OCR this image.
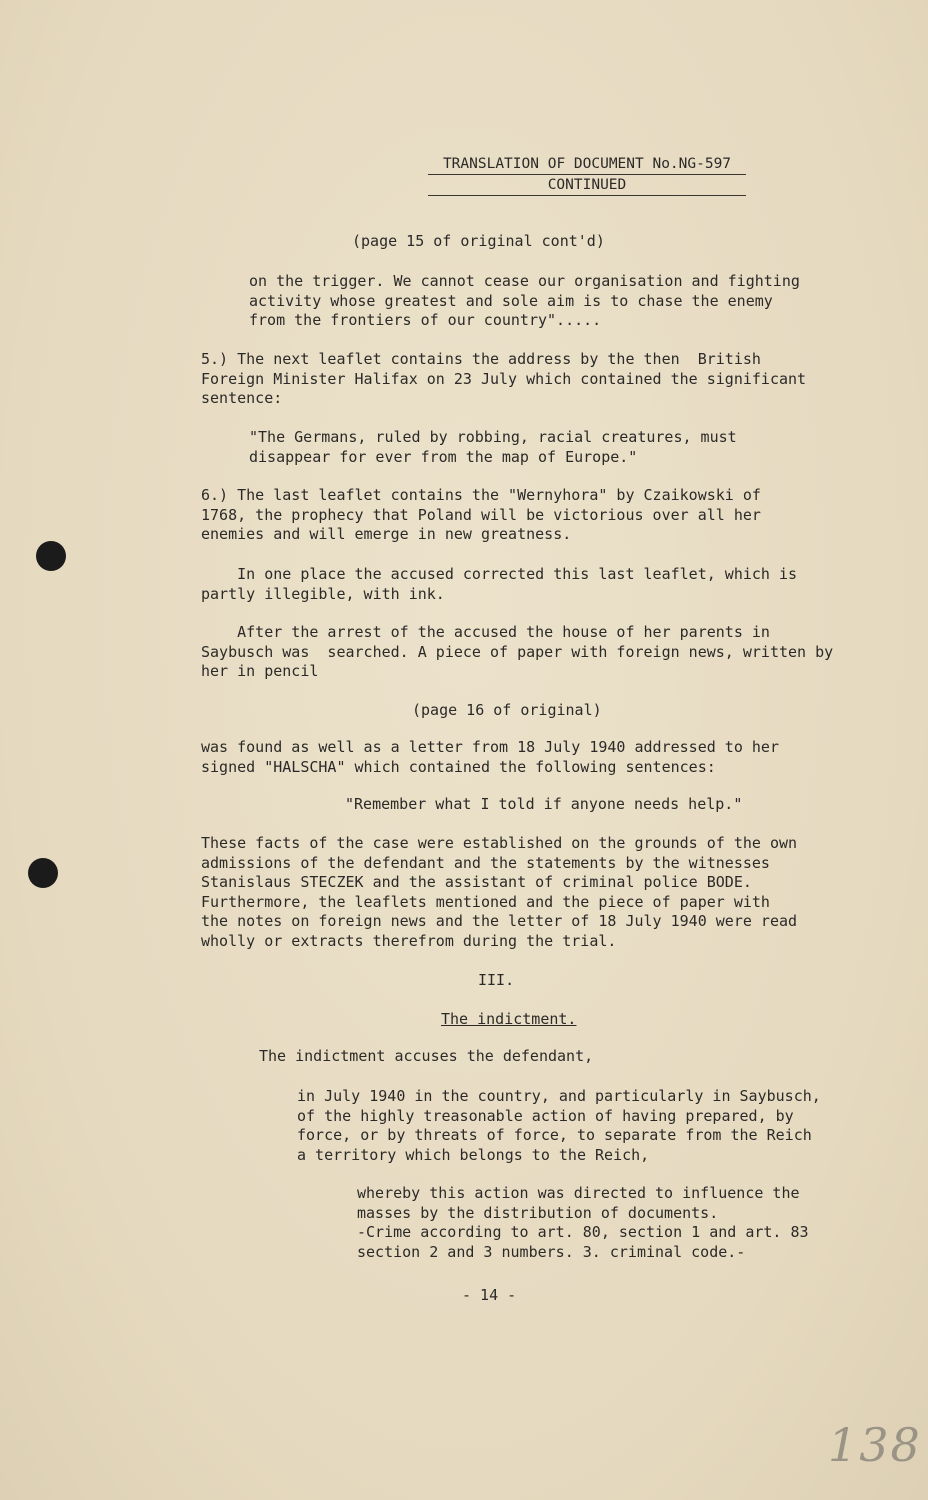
TRANSLATION OF DOCUMENT No.NG-597
CONTINUED

(page 15 of original cont'd)

on the trigger. We cannot cease our organisation and fighting
activity whose greatest and sole aim is to chase the enemy
from the frontiers of our country".....

5.) The next leaflet contains the address by the then  British
Foreign Minister Halifax on 23 July which contained the significant
sentence:

"The Germans, ruled by robbing, racial creatures, must
disappear for ever from the map of Europe."

6.) The last leaflet contains the "Wernyhora" by Czaikowski of
1768, the prophecy that Poland will be victorious over all her
enemies and will emerge in new greatness.

In one place the accused corrected this last leaflet, which is
partly illegible, with ink.

After the arrest of the accused the house of her parents in
Saybusch was  searched. A piece of paper with foreign news, written by
her in pencil

(page 16 of original)

was found as well as a letter from 18 July 1940 addressed to her
signed "HALSCHA" which contained the following sentences:

"Remember what I told if anyone needs help."

These facts of the case were established on the grounds of the own
admissions of the defendant and the statements by the witnesses
Stanislaus STECZEK and the assistant of criminal police BODE.
Furthermore, the leaflets mentioned and the piece of paper with
the notes on foreign news and the letter of 18 July 1940 were read
wholly or extracts therefrom during the trial.

III.

The indictment.

The indictment accuses the defendant,

in July 1940 in the country, and particularly in Saybusch,
of the highly treasonable action of having prepared, by
force, or by threats of force, to separate from the Reich
a territory which belongs to the Reich,

whereby this action was directed to influence the
masses by the distribution of documents.
-Crime according to art. 80, section 1 and art. 83
section 2 and 3 numbers. 3. criminal code.-

- 14 -

138
